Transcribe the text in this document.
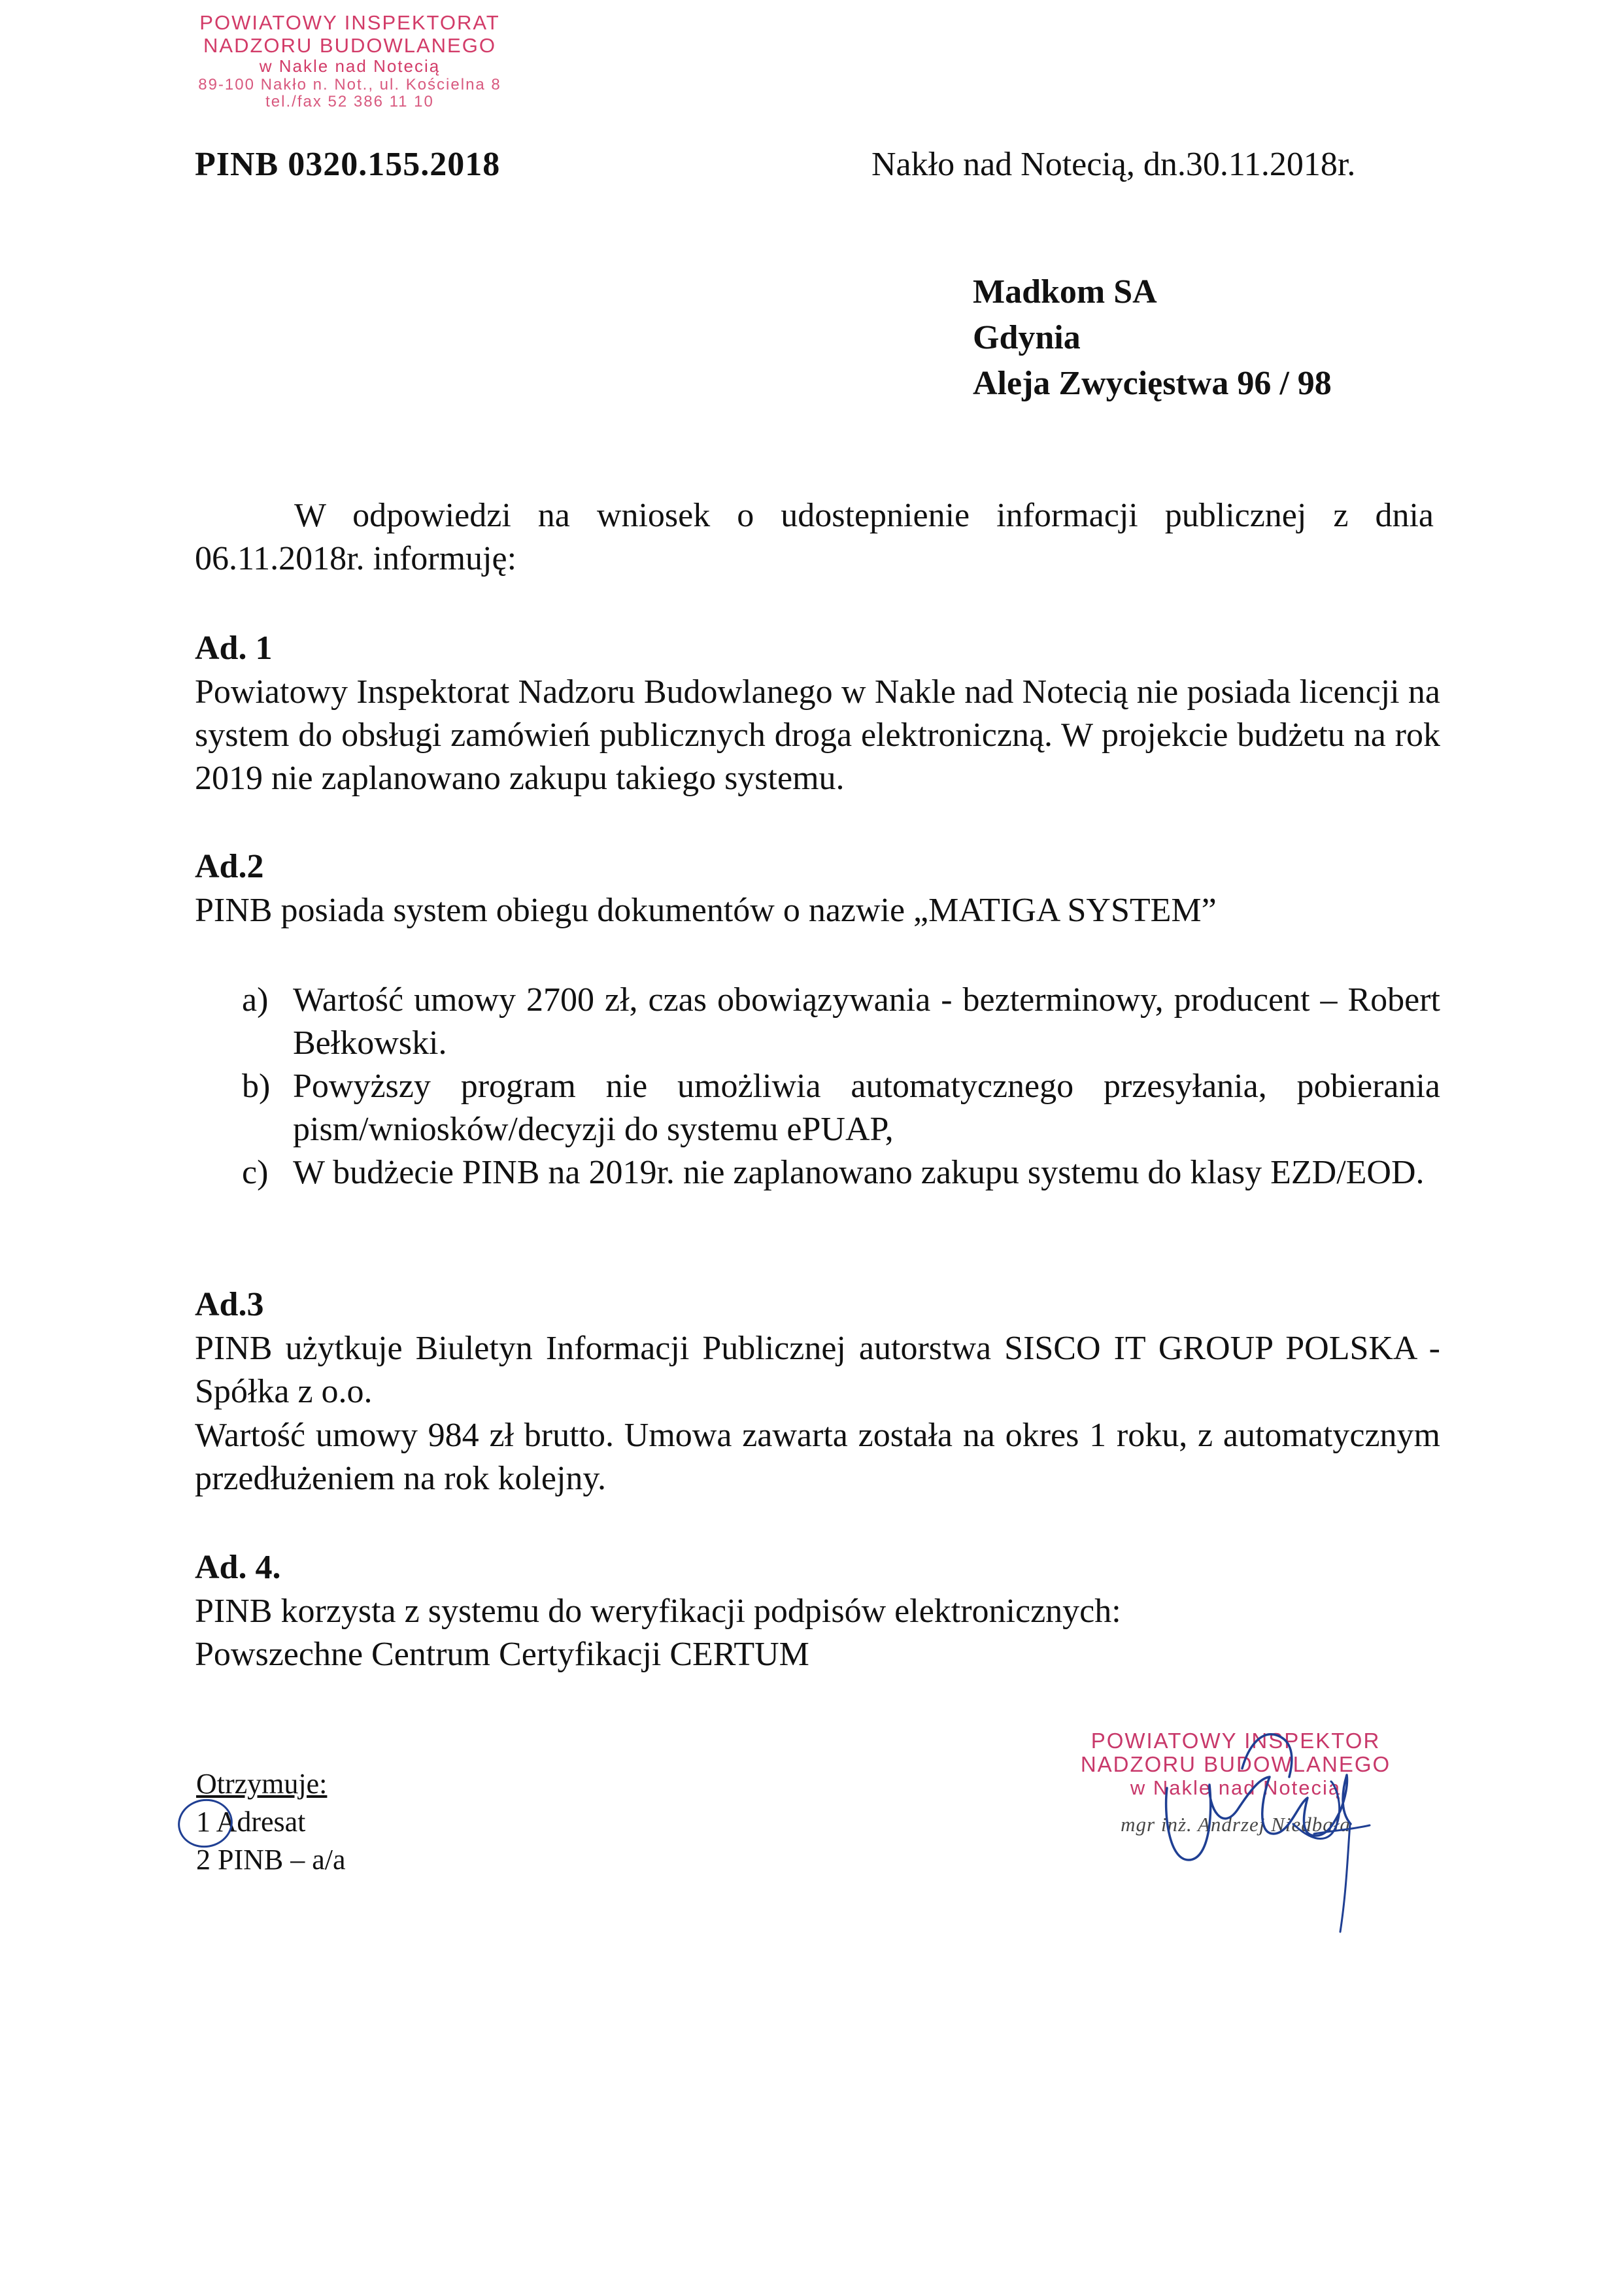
POWIATOWY INSPEKTORAT
NADZORU BUDOWLANEGO
w Nakle nad Notecią
89-100 Nakło n. Not., ul. Kościelna 8
tel./fax 52 386 11 10
PINB 0320.155.2018	Nakło nad Notecią, dn.30.11.2018r.
Madkom SA
Gdynia
Aleja Zwycięstwa 96 / 98
W odpowiedzi na wniosek o udostepnienie informacji publicznej z dnia 06.11.2018r. informuję:
Ad. 1
Powiatowy Inspektorat Nadzoru Budowlanego w Nakle nad Notecią nie posiada licencji na system do obsługi zamówień publicznych droga elektroniczną. W projekcie budżetu na rok 2019 nie zaplanowano zakupu takiego systemu.
Ad.2
PINB posiada system obiegu dokumentów o nazwie „MATIGA SYSTEM”
a) Wartość umowy 2700 zł, czas obowiązywania - bezterminowy, producent – Robert Bełkowski.
b) Powyższy program nie umożliwia automatycznego przesyłania, pobierania pism/wniosków/decyzji do systemu ePUAP,
c) W budżecie PINB na 2019r. nie zaplanowano zakupu systemu do klasy EZD/EOD.
Ad.3
PINB użytkuje Biuletyn Informacji Publicznej autorstwa SISCO IT GROUP POLSKA - Spółka z o.o.
Wartość umowy 984 zł brutto. Umowa zawarta została na okres 1 roku, z automatycznym przedłużeniem na rok kolejny.
Ad. 4.
PINB korzysta z systemu do weryfikacji podpisów elektronicznych:
Powszechne Centrum Certyfikacji CERTUM
Otrzymuje:
1 Adresat
2 PINB – a/a
POWIATOWY INSPEKTOR
NADZORU BUDOWLANEGO
w Nakle nad Notecią
mgr inż. Andrzej Niedbała
